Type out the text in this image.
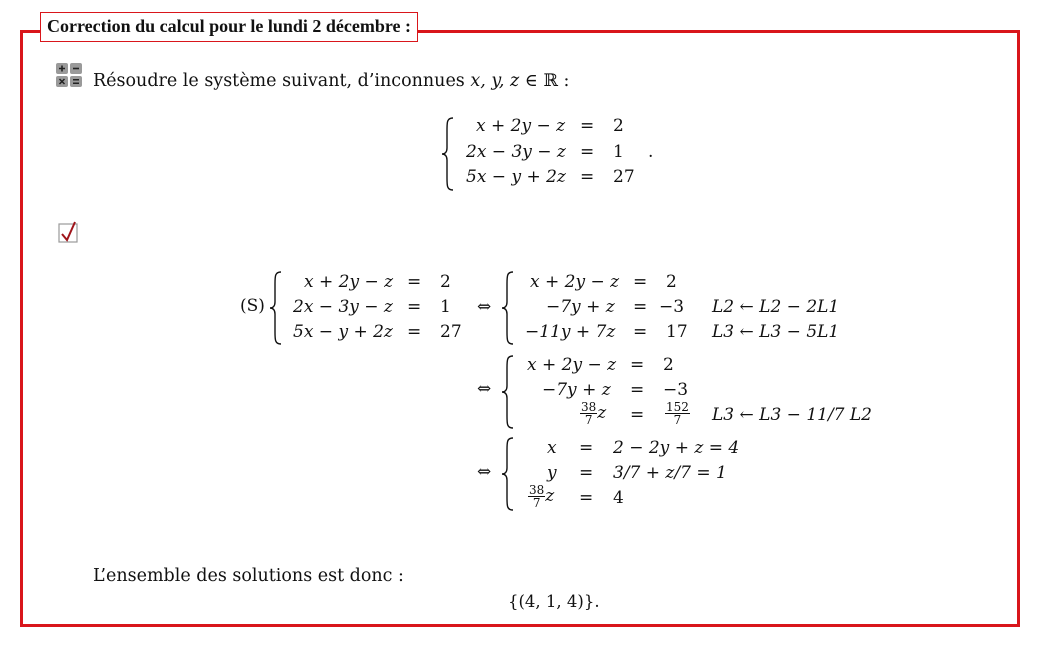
Correction du calcul pour le lundi 2 décembre :
Résoudre le système suivant, d’inconnues x, y, z ∈ ℝ :
x + 2y − z = 2
2x − 3y − z = 1
5x − y + 2z = 27
.
(S)
x + 2y − z = 2
2x − 3y − z = 1
5x − y + 2z = 27
⇔
x + 2y − z = 2
−7y + z = −3 L2 ← L2 − 2L1
−11y + 7z = 17 L3 ← L3 − 5L1
⇔
x + 2y − z = 2
−7y + z = −3
$\frac{38}{7}$ $z = \frac{152}{7} L3$ ← L3 − 11/7 L2
⇔
x = 2 − 2y + z = 4
y = 3/7 + z/7 = 1
$\frac{38}{7}$ z = 4
L’ensemble des solutions est donc :
{(4, 1, 4)}.
